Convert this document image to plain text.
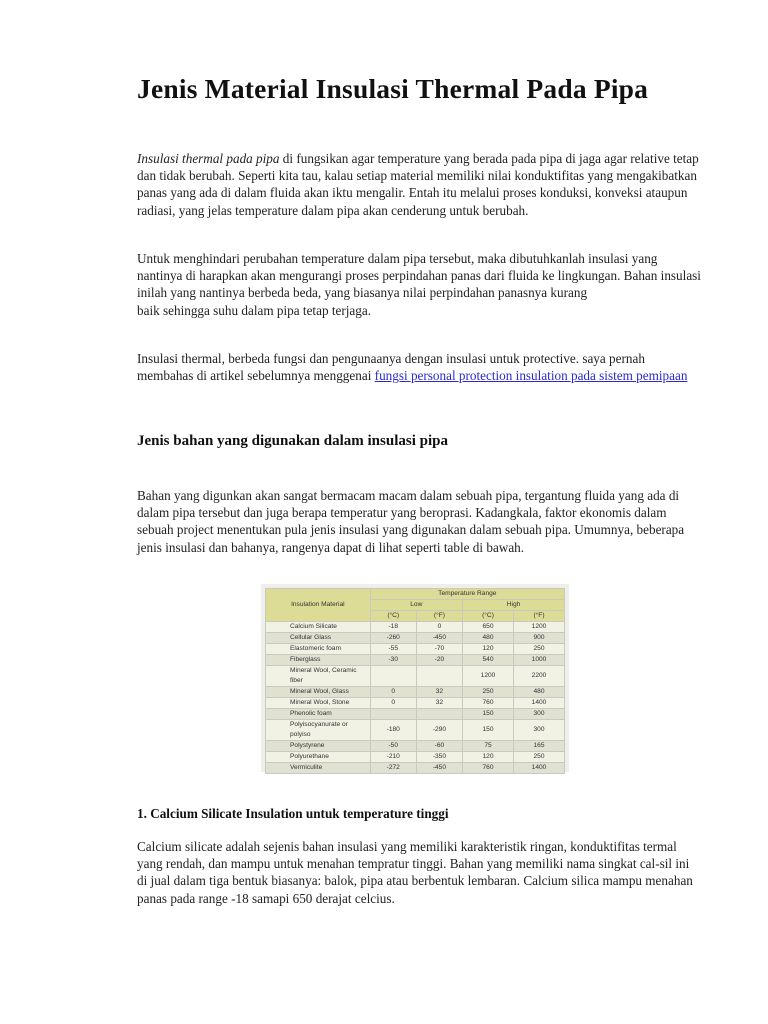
Jenis Material Insulasi Thermal Pada Pipa

Insulasi thermal pada pipa di fungsikan agar temperature yang berada pada pipa di jaga agar relative tetap dan tidak berubah. Seperti kita tau, kalau setiap material memiliki nilai konduktifitas yang mengakibatkan panas yang ada di dalam fluida akan iktu mengalir. Entah itu melalui proses konduksi, konveksi ataupun radiasi, yang jelas temperature dalam pipa akan cenderung untuk berubah.

Untuk menghindari perubahan temperature dalam pipa tersebut, maka dibutuhkanlah insulasi yang nantinya di harapkan akan mengurangi proses perpindahan panas dari fluida ke lingkungan. Bahan insulasi inilah yang nantinya berbeda beda, yang biasanya nilai perpindahan panasnya kurang
baik sehingga suhu dalam pipa tetap terjaga.

Insulasi thermal, berbeda fungsi dan pengunaanya dengan insulasi untuk protective. saya pernah membahas di artikel sebelumnya menggenai fungsi personal protection insulation pada sistem pemipaan

Jenis bahan yang digunakan dalam insulasi pipa

Bahan yang digunkan akan sangat bermacam macam dalam sebuah pipa, tergantung fluida yang ada di dalam pipa tersebut dan juga berapa temperatur yang beroprasi. Kadangkala, faktor ekonomis dalam sebuah project menentukan pula jenis insulasi yang digunakan dalam sebuah pipa. Umumnya, beberapa jenis insulasi dan bahanya, rangenya dapat di lihat seperti table di bawah.

Insulation Material	Temperature Range			
	Low		High	
	(°C)	(°F)	(°C)	(°F)
Calcium Silicate	-18	0	650	1200
Cellular Glass	-260	-450	480	900
Elastomeric foam	-55	-70	120	250
Fiberglass	-30	-20	540	1000
Mineral Wool, Ceramic fiber			1200	2200
Mineral Wool, Glass	0	32	250	480
Mineral Wool, Stone	0	32	760	1400
Phenolic foam			150	300
Polyisocyanurate or polyiso	-180	-290	150	300
Polystyrene	-50	-60	75	165
Polyurethane	-210	-350	120	250
Vermiculite	-272	-450	760	1400
1. Calcium Silicate Insulation untuk temperature tinggi

Calcium silicate adalah sejenis bahan insulasi yang memiliki karakteristik ringan, konduktifitas termal yang rendah, dan mampu untuk menahan tempratur tinggi. Bahan yang memiliki nama singkat cal-sil ini di jual dalam tiga bentuk biasanya: balok, pipa atau berbentuk lembaran. Calcium silica mampu menahan panas pada range -18 samapi 650 derajat celcius.
